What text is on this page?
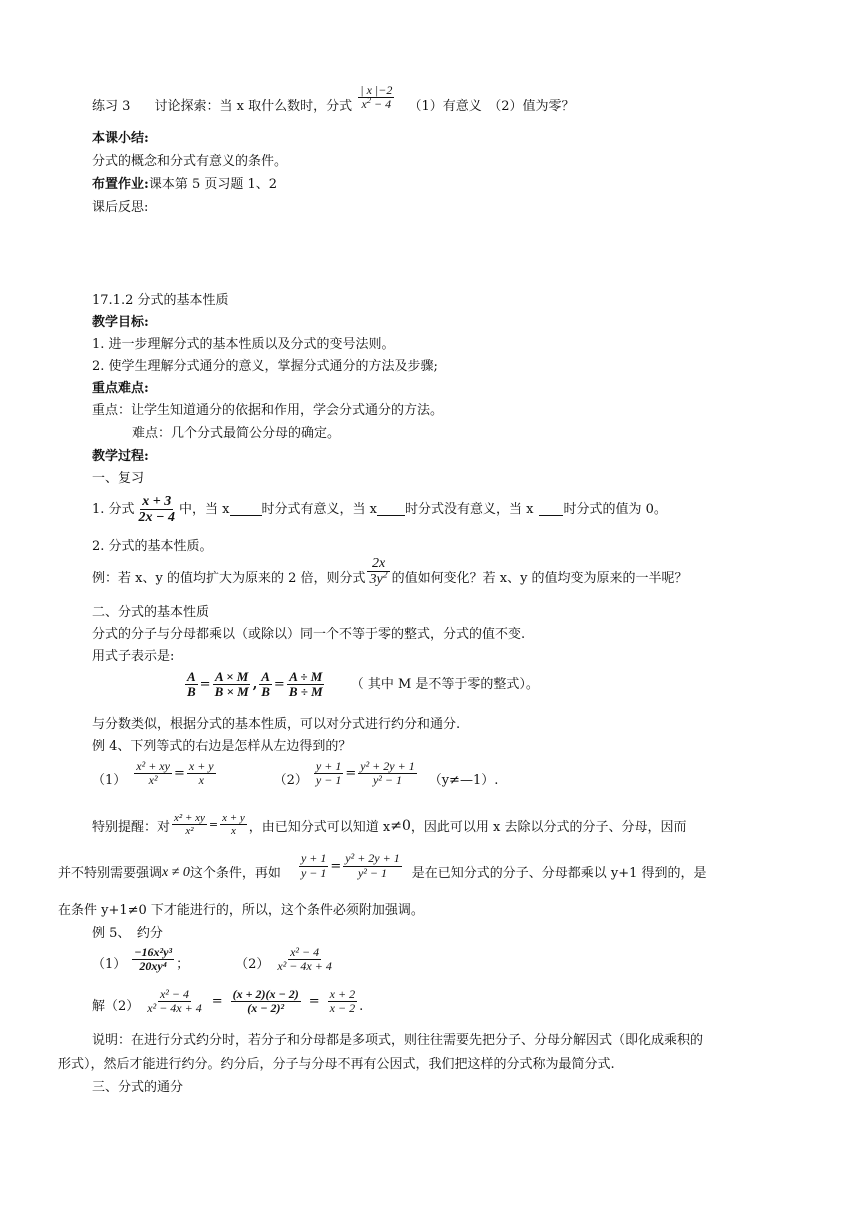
练习 3 讨论探索：当 x 取什么数时，分式 $\frac{| x |-2}{x^2 - 4} (1)$有意义　（2）值为零？
本课小结:
分式的概念和分式有意义的条件。
布置作业:课本第 5 页习题 1、2
课后反思:
17.1.2 分式的基本性质
教学目标:
1. 进一步理解分式的基本性质以及分式的变号法则。
2. 使学生理解分式通分的意义，掌握分式通分的方法及步骤;
重点难点:
重点：让学生知道通分的依据和作用，学会分式通分的方法。
难点：几个分式最简公分母的确定。
教学过程:
一、复习
1. 分式 $\frac{x + 3}{2x - 4}$ 中，当 x 时分式有意义，当 x 时分式没有意义，当 x 时分式的值为 0。
2. 分式的基本性质。
例：若 x、y 的值均扩大为原来的 2 倍，则分式 $\frac{2x}{3y^2}$ 的值如何变化？若 x、y 的值均变为原来的一半呢？
二、分式的基本性质
分式的分子与分母都乘以（或除以）同一个不等于零的整式，分式的值不变.
用式子表示是:
$\frac{A}{B} = \frac{A \times M}{B \times M}$ , $\frac{A}{B} = \frac{A \div M}{B \div M}$ （ 其中 M 是不等于零的整式）。
与分数类似，根据分式的基本性质，可以对分式进行约分和通分.
例 4、下列等式的右边是怎样从左边得到的？
$(1) \frac{\text{x² + xy}}{\text{x²}} = \frac{x + y}{x}$	$(2) \frac{y + 1}{y - 1} = \frac{\text{y² + 2y + 1}}{\text{y² − 1}}$ （y≠—1）.
特别提醒：对 $\frac{\text{x² + xy}}{\text{x²}} = \frac{x + y}{x}$ ，由已知分式可以知道 x ≠0 ，因此可以用 x 去除以分式的分子、分母，因而
并不特别需要强调 x ≠ 0 这个条件，再如 $\frac{y + 1}{y - 1} = \frac{\text{y² + 2y + 1}}{\text{y² − 1}}$ 是在已知分式的分子、分母都乘以 y+1 得到的，是
在条件 y+1≠0 下才能进行的，所以，这个条件必须附加强调。
例 5、　约分
$(1) \frac{\text{−16x²y³}}{\text{20xy⁴}}$ ；	$(2) \frac{\text{x² − 4}}{\text{x² − 4x + 4}}$
解$(2) \frac{\text{x² − 4}}{\text{x² − 4x + 4}} = \frac{(x + 2)(x - 2)}{\text{(x − 2)²}} = \frac{x + 2}{x - 2}$ .
说明：在进行分式约分时，若分子和分母都是多项式，则往往需要先把分子、分母分解因式（即化成乘积的
形式），然后才能进行约分。约分后，分子与分母不再有公因式，我们把这样的分式称为最简分式.
三、分式的通分
